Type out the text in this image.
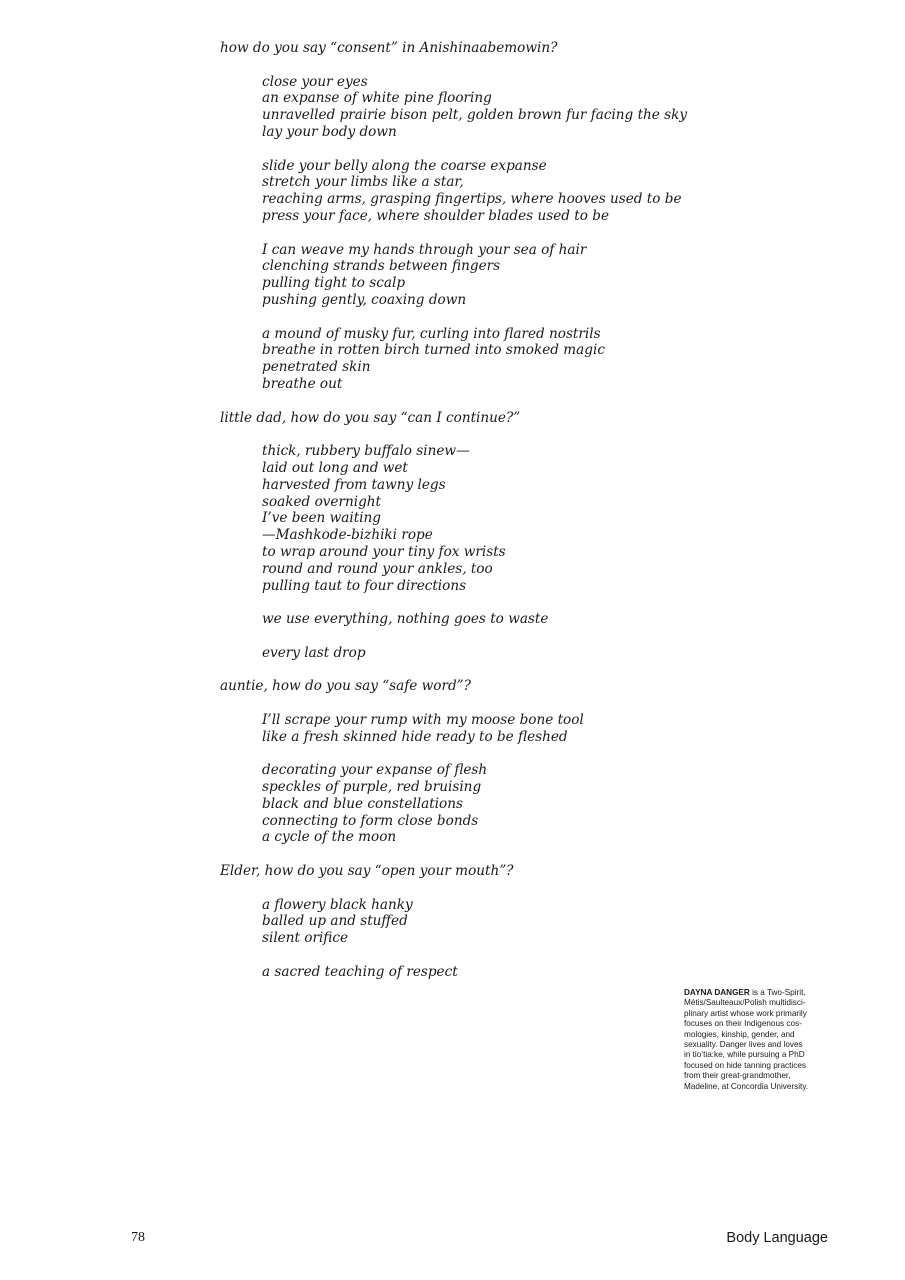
how do you say “consent” in Anishinaabemowin?
close your eyes
an expanse of white pine flooring
unravelled prairie bison pelt, golden brown fur facing the sky
lay your body down
slide your belly along the coarse expanse
stretch your limbs like a star,
reaching arms, grasping fingertips, where hooves used to be
press your face, where shoulder blades used to be
I can weave my hands through your sea of hair
clenching strands between fingers
pulling tight to scalp
pushing gently, coaxing down
a mound of musky fur, curling into flared nostrils
breathe in rotten birch turned into smoked magic
penetrated skin
breathe out
little dad, how do you say “can I continue?”
thick, rubbery buffalo sinew—
laid out long and wet
harvested from tawny legs
soaked overnight
I’ve been waiting
—Mashkode-bizhiki rope
to wrap around your tiny fox wrists
round and round your ankles, too
pulling taut to four directions
we use everything, nothing goes to waste
every last drop
auntie, how do you say “safe word”?
I’ll scrape your rump with my moose bone tool
like a fresh skinned hide ready to be fleshed
decorating your expanse of flesh
speckles of purple, red bruising
black and blue constellations
connecting to form close bonds
a cycle of the moon
Elder, how do you say “open your mouth”?
a flowery black hanky
balled up and stuffed
silent orifice
a sacred teaching of respect
DAYNA DANGER is a Two-Spirit,
Métis/Saulteaux/Polish multidisci-
plinary artist whose work primarily
focuses on their Indigenous cos-
mologies, kinship, gender, and
sexuality. Danger lives and loves
in tio’tia:ke, while pursuing a PhD
focused on hide tanning practices
from their great-grandmother,
Madeline, at Concordia University.
78	Body Language
